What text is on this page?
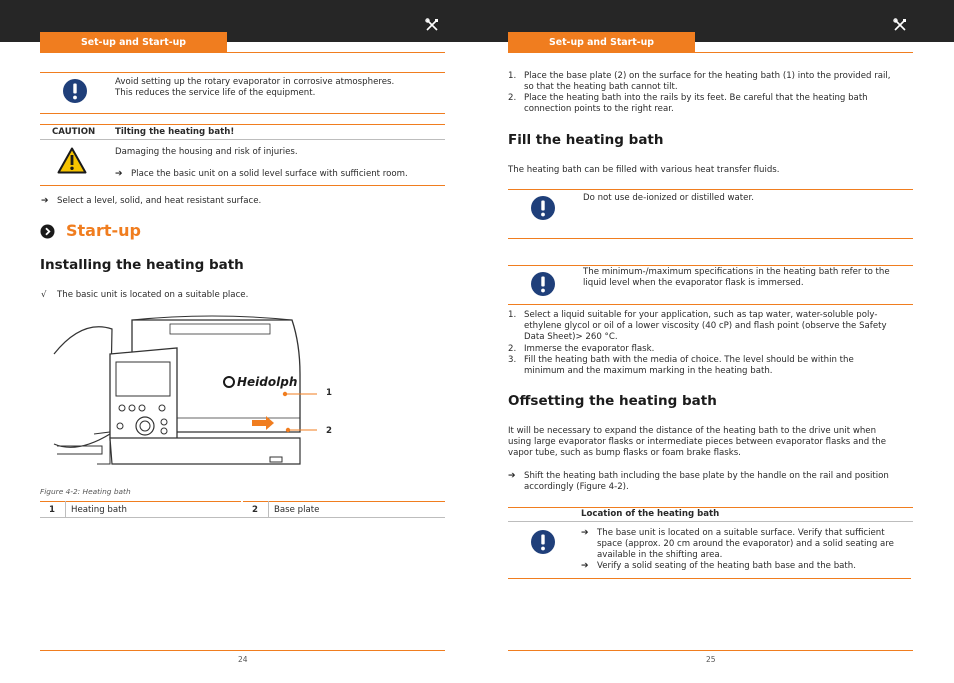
Set-up and Start-up	Set-up and Start-up
Avoid setting up the rotary evaporator in corrosive atmospheres.
This reduces the service life of the equipment.
CAUTION Tilting the heating bath!
Damaging the housing and risk of injuries.
➔ Place the basic unit on a solid level surface with sufficient room.
➔ Select a level, solid, and heat resistant surface.
Start-up
Installing the heating bath
√ The basic unit is located on a suitable place.
Heidolph
1
2
Figure 4-2: Heating bath
1 Heating bath	2 Base plate
24
1. Place the base plate (2) on the surface for the heating bath (1) into the provided rail,
so that the heating bath cannot tilt.
2. Place the heating bath into the rails by its feet. Be careful that the heating bath
connection points to the right rear.
Fill the heating bath
The heating bath can be filled with various heat transfer fluids.
Do not use de-ionized or distilled water.
The minimum-/maximum specifications in the heating bath refer to the
liquid level when the evaporator flask is immersed.
1. Select a liquid suitable for your application, such as tap water, water-soluble poly-
ethylene glycol or oil of a lower viscosity (40 cP) and flash point (observe the Safety
Data Sheet)> 260 °C.
2. Immerse the evaporator flask.
3. Fill the heating bath with the media of choice. The level should be within the
minimum and the maximum marking in the heating bath.
Offsetting the heating bath
It will be necessary to expand the distance of the heating bath to the drive unit when
using large evaporator flasks or intermediate pieces between evaporator flasks and the
vapor tube, such as bump flasks or foam brake flasks.
➔ Shift the heating bath including the base plate by the handle on the rail and position
accordingly (Figure 4-2).
Location of the heating bath
➔ The base unit is located on a suitable surface. Verify that sufficient
space (approx. 20 cm around the evaporator) and a solid seating are
available in the shifting area.
➔ Verify a solid seating of the heating bath base and the bath.
25
